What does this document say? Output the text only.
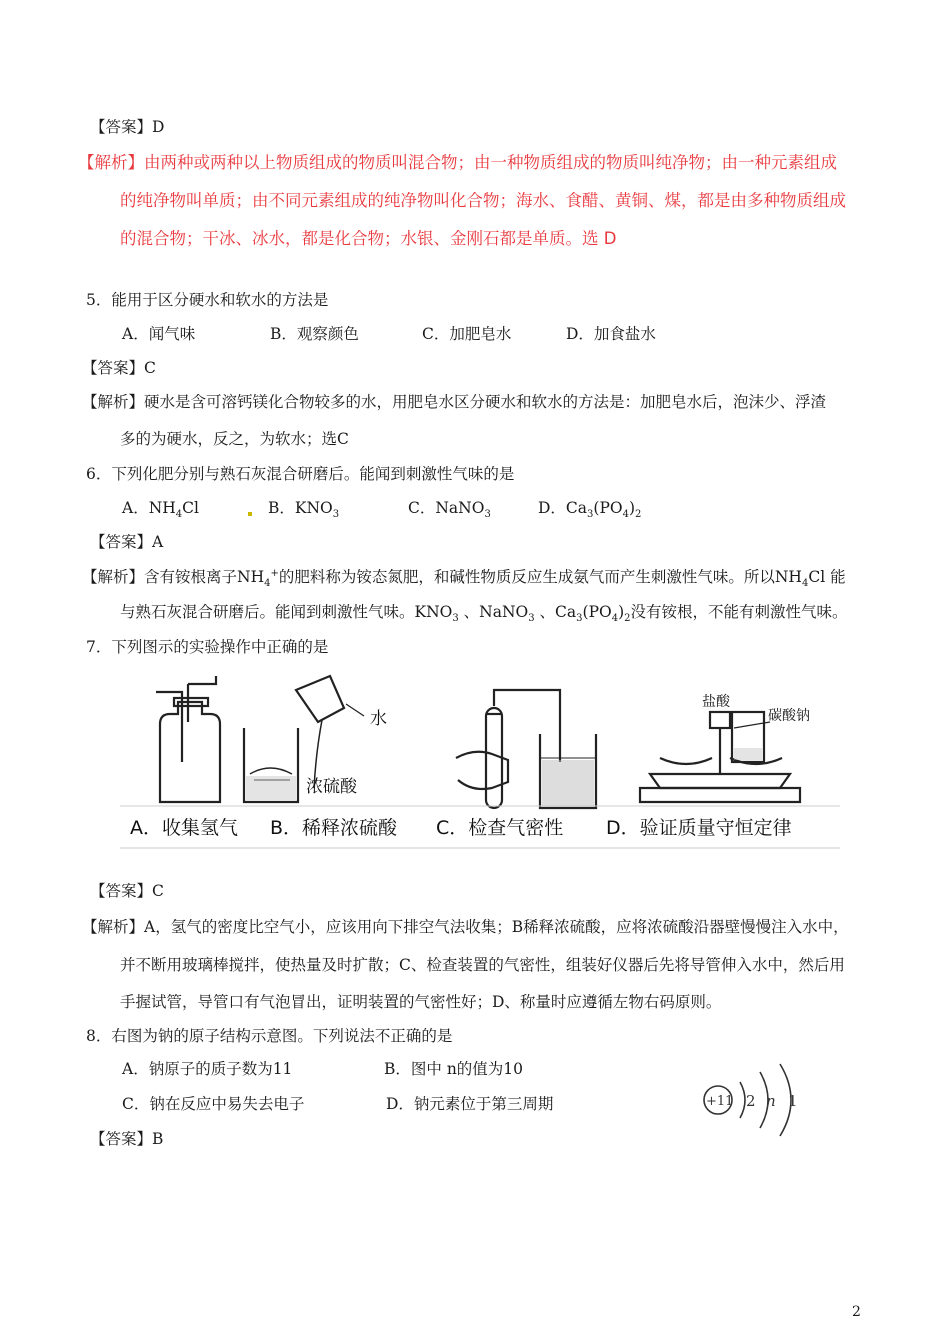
【答案】D
【解析】由两种或两种以上物质组成的物质叫混合物；由一种物质组成的物质叫纯净物；由一种元素组成
的纯净物叫单质；由不同元素组成的纯净物叫化合物；海水、食醋、黄铜、煤，都是由多种物质组成
的混合物；干冰、冰水，都是化合物；水银、金刚石都是单质。选 D
5．能用于区分硬水和软水的方法是
A．闻气味	B．观察颜色	C．加肥皂水	D．加食盐水
【答案】C
【解析】硬水是含可溶钙镁化合物较多的水，用肥皂水区分硬水和软水的方法是：加肥皂水后，泡沫少、浮渣
多的为硬水，反之，为软水；选C
6．下列化肥分别与熟石灰混合研磨后。能闻到刺激性气味的是
A．$NH_4Cl$	B．$KNO_3$	C．NaNO$_3$	D．$Ca_3(PO_4)_2$
【答案】A
【解析】含有铵根离子$NH_4^+$的肥料称为铵态氮肥，和碱性物质反应生成氨气而产生刺激性气味。所以$NH_4Cl$ 能
与熟石灰混合研磨后。能闻到刺激性气味。$KNO_3$ 、NaNO$_3$ 、$Ca_3(PO_4)_2$没有铵根，不能有刺激性气味。
7．下列图示的实验操作中正确的是
水
浓硫酸
盐酸
碳酸钠
A．收集氢气 B．稀释浓硫酸 C．检查气密性 D．验证质量守恒定律
【答案】C
【解析】A，氢气的密度比空气小，应该用向下排空气法收集；B稀释浓硫酸，应将浓硫酸沿器壁慢慢注入水中，
并不断用玻璃棒搅拌，使热量及时扩散；C、检查装置的气密性，组装好仪器后先将导管伸入水中，然后用
手握试管，导管口有气泡冒出，证明装置的气密性好；D、称量时应遵循左物右码原则。
8．右图为钠的原子结构示意图。下列说法不正确的是
A．钠原子的质子数为11	B．图中 n的值为10
C．钠在反应中易失去电子	D．钠元素位于第三周期	+11 2 n 1
【答案】B
2
